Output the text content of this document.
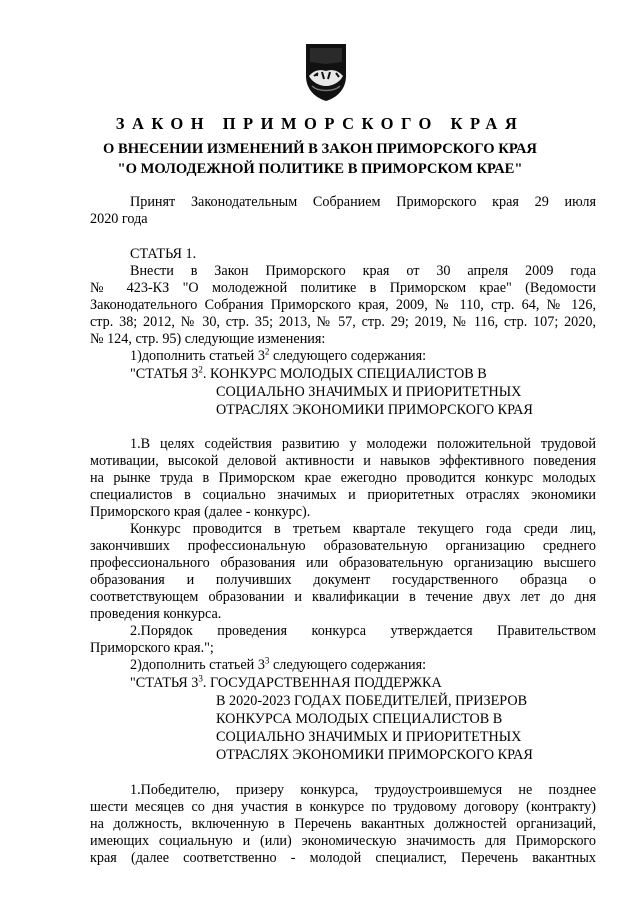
ЗАКОН ПРИМОРСКОГО КРАЯ
О ВНЕСЕНИИ ИЗМЕНЕНИЙ В ЗАКОН ПРИМОРСКОГО КРАЯ
"О МОЛОДЕЖНОЙ ПОЛИТИКЕ В ПРИМОРСКОМ КРАЕ"
Принят Законодательным Собранием Приморского края 29 июля
2020 года
СТАТЬЯ 1.
Внести в Закон Приморского края от 30 апреля 2009 года
№ 423-КЗ "О молодежной политике в Приморском крае" (Ведомости
Законодательного Собрания Приморского края, 2009, № 110, стр. 64, № 126,
стр. 38; 2012, № 30, стр. 35; 2013, № 57, стр. 29; 2019, № 116, стр. 107; 2020,
№ 124, стр. 95) следующие изменения:
1)дополнить статьей $3^2$ следующего содержания:
"СТАТЬЯ $3^2$. КОНКУРС МОЛОДЫХ СПЕЦИАЛИСТОВ В
СОЦИАЛЬНО ЗНАЧИМЫХ И ПРИОРИТЕТНЫХ
ОТРАСЛЯХ ЭКОНОМИКИ ПРИМОРСКОГО КРАЯ
1.В целях содействия развитию у молодежи положительной трудовой
мотивации, высокой деловой активности и навыков эффективного поведения
на рынке труда в Приморском крае ежегодно проводится конкурс молодых
специалистов в социально значимых и приоритетных отраслях экономики
Приморского края (далее - конкурс).
Конкурс проводится в третьем квартале текущего года среди лиц,
закончивших профессиональную образовательную организацию среднего
профессионального образования или образовательную организацию высшего
образования и получивших документ государственного образца о
соответствующем образовании и квалификации в течение двух лет до дня
проведения конкурса.
2.Порядок проведения конкурса утверждается Правительством
Приморского края.";
2)дополнить статьей $3^3$ следующего содержания:
"СТАТЬЯ $3^3$. ГОСУДАРСТВЕННАЯ ПОДДЕРЖКА
В 2020-2023 ГОДАХ ПОБЕДИТЕЛЕЙ, ПРИЗЕРОВ
КОНКУРСА МОЛОДЫХ СПЕЦИАЛИСТОВ В
СОЦИАЛЬНО ЗНАЧИМЫХ И ПРИОРИТЕТНЫХ
ОТРАСЛЯХ ЭКОНОМИКИ ПРИМОРСКОГО КРАЯ
1.Победителю, призеру конкурса, трудоустроившемуся не позднее
шести месяцев со дня участия в конкурсе по трудовому договору (контракту)
на должность, включенную в Перечень вакантных должностей организаций,
имеющих социальную и (или) экономическую значимость для Приморского
края (далее соответственно - молодой специалист, Перечень вакантных
